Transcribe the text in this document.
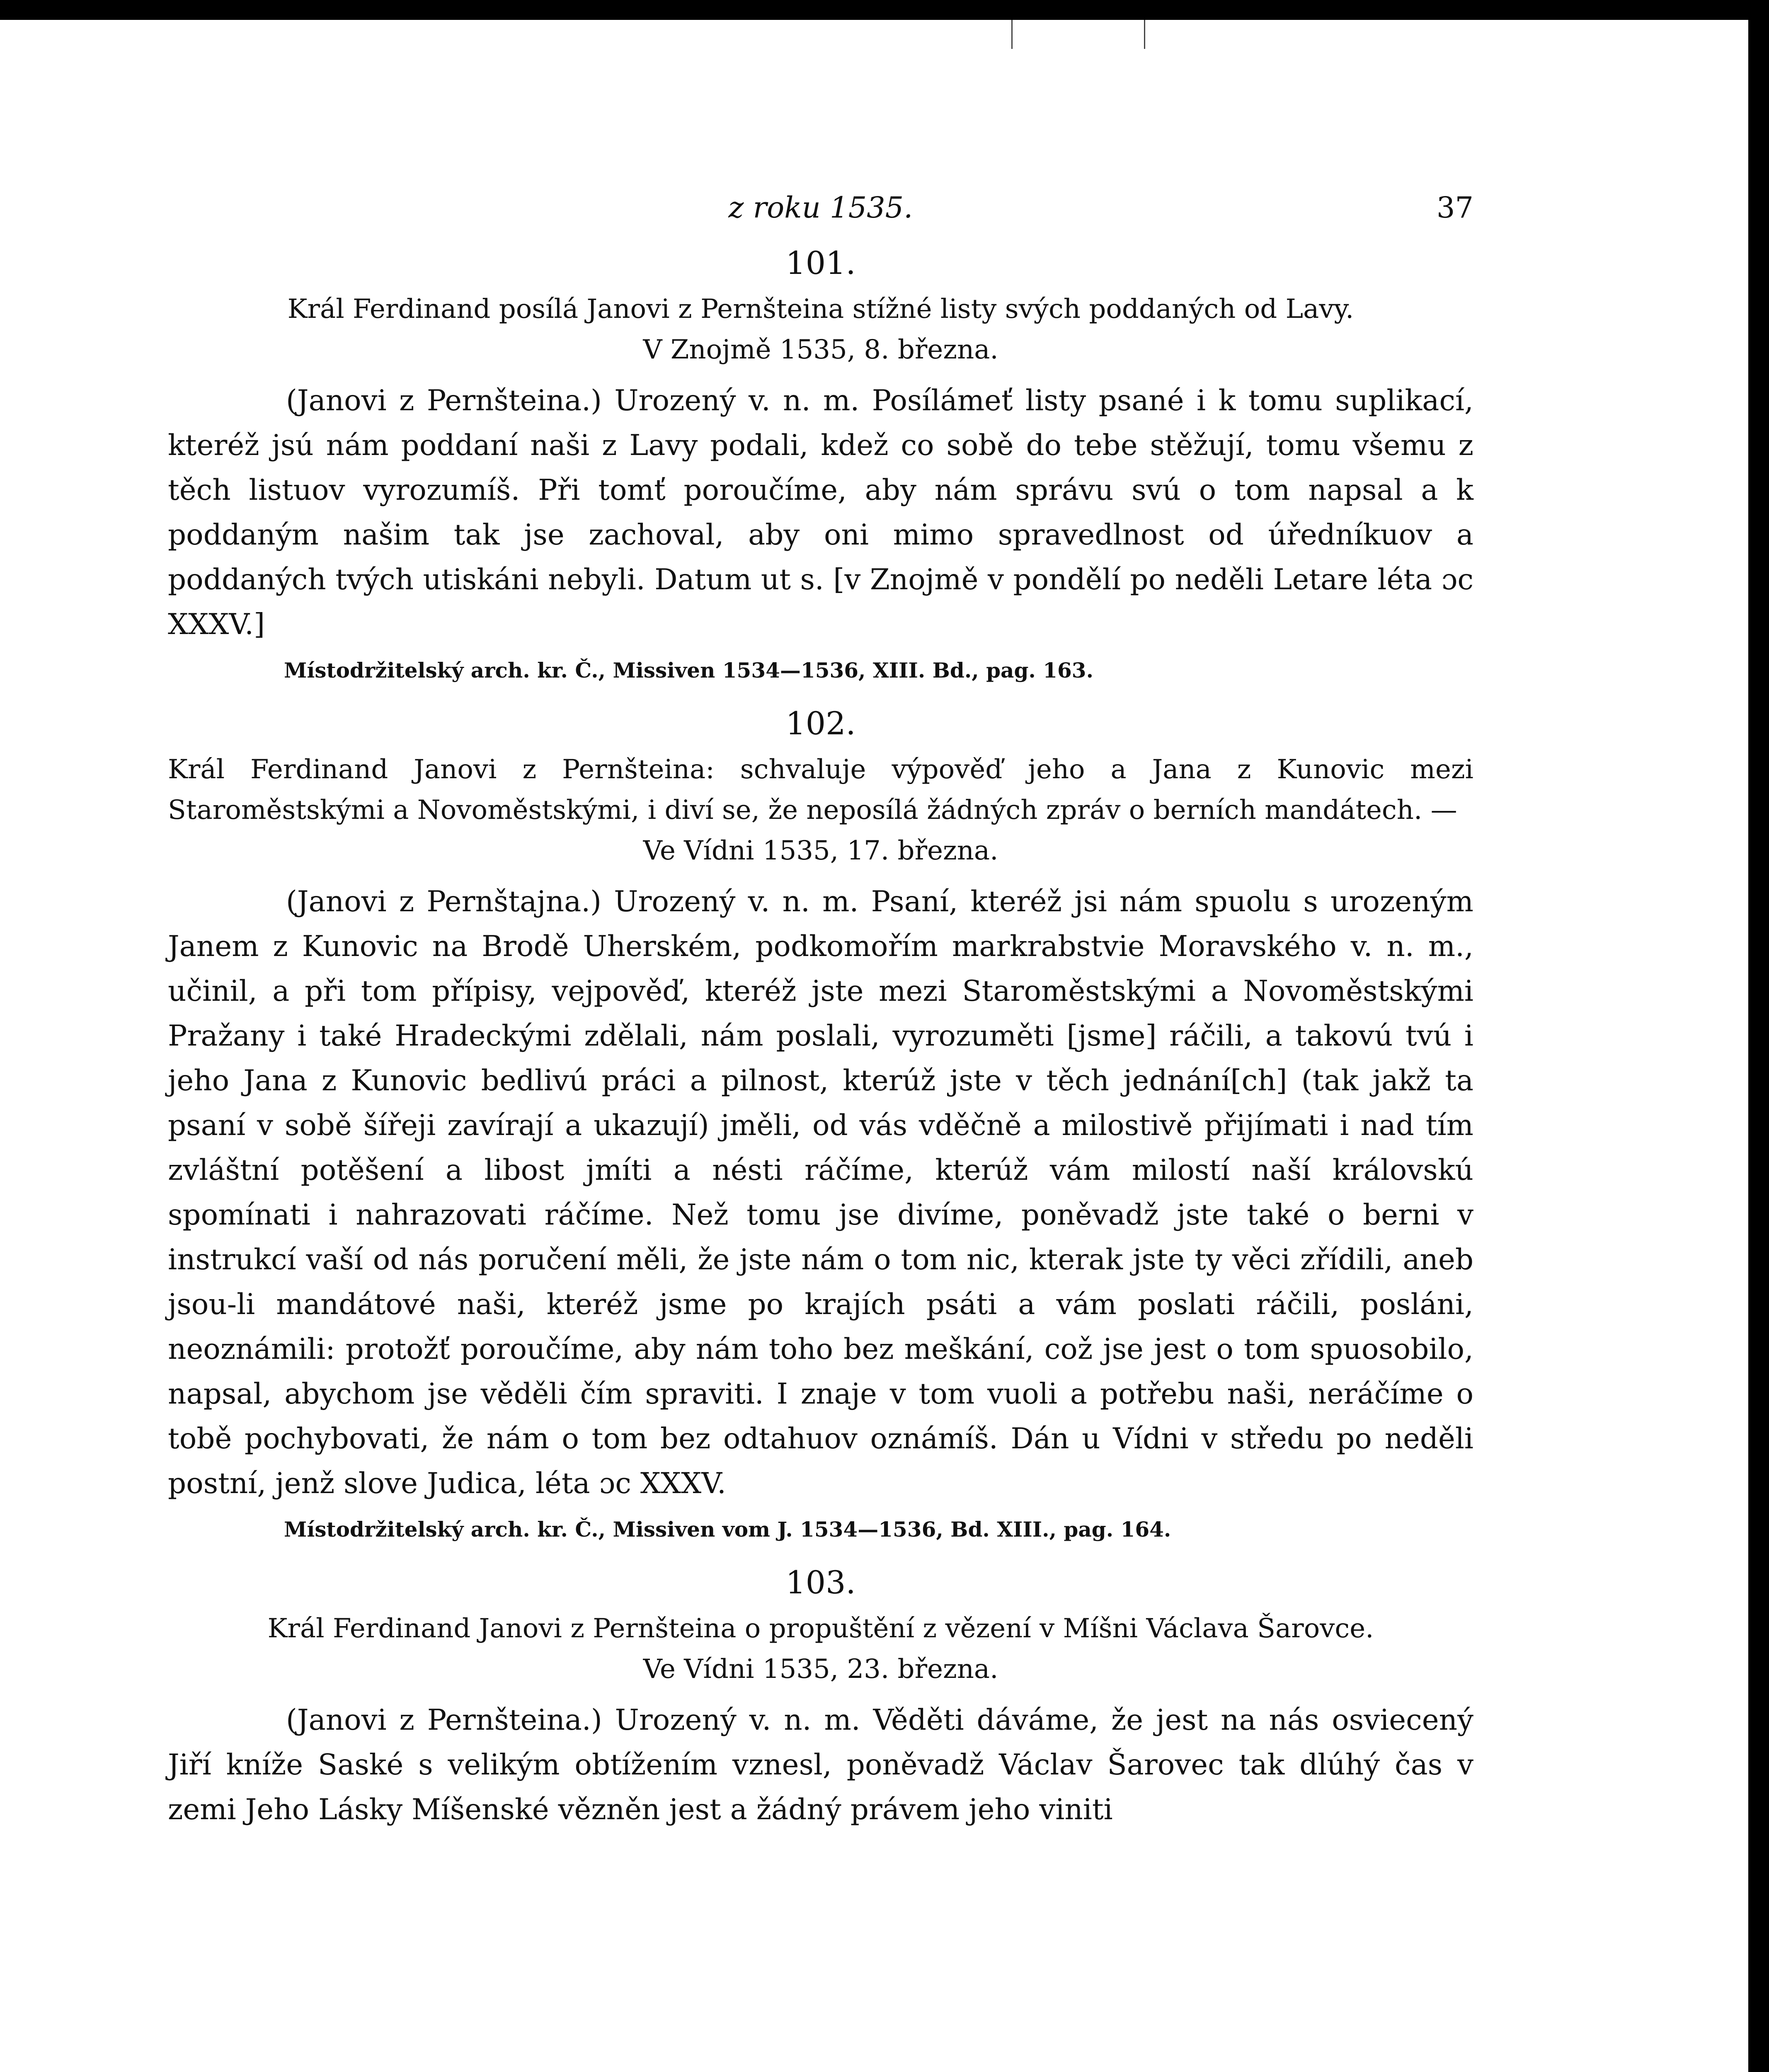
z roku 1535.	37
101.
Král Ferdinand posílá Janovi z Pernšteina stížné listy svých poddaných od Lavy.
V Znojmě 1535, 8. března.

(Janovi z Pernšteina.) Urozený v. n. m. Posílámeť listy psané i k tomu suplikací, kteréž jsú nám poddaní naši z Lavy podali, kdež co sobě do tebe stěžují, tomu všemu z těch listuov vyrozumíš. Při tomť poroučíme, aby nám správu svú o tom napsal a k poddaným našim tak jse zachoval, aby oni mimo spravedlnost od úředníkuov a poddaných tvých utiskáni nebyli. Datum ut s. [v Znojmě v pondělí po neděli Letare léta ɔc XXXV.]

Místodržitelský arch. kr. Č., Missiven 1534—1536, XIII. Bd., pag. 163.
102.
Král Ferdinand Janovi z Pernšteina: schvaluje výpověď jeho a Jana z Kunovic mezi Staroměstskými a Novoměstskými, i diví se, že neposílá žádných zpráv o berních mandátech. —
Ve Vídni 1535, 17. března.

(Janovi z Pernštajna.) Urozený v. n. m. Psaní, kteréž jsi nám spuolu s urozeným Janem z Kunovic na Brodě Uherském, podkomořím markrabstvie Moravského v. n. m., učinil, a při tom přípisy, vejpověď, kteréž jste mezi Staroměstskými a Novoměstskými Pražany i také Hradeckými zdělali, nám poslali, vyrozuměti [jsme] ráčili, a takovú tvú i jeho Jana z Kunovic bedlivú práci a pilnost, kterúž jste v těch jednání[ch] (tak jakž ta psaní v sobě šířeji zavírají a ukazují) jměli, od vás vděčně a milostivě přijímati i nad tím zvláštní potěšení a libost jmíti a nésti ráčíme, kterúž vám milostí naší královskú spomínati i nahrazovati ráčíme. Než tomu jse divíme, poněvadž jste také o berni v instrukcí vaší od nás poručení měli, že jste nám o tom nic, kterak jste ty věci zřídili, aneb jsou-li mandátové naši, kteréž jsme po krajích psáti a vám poslati ráčili, posláni, neoznámili: protožť poroučíme, aby nám toho bez meškání, což jse jest o tom spuosobilo, napsal, abychom jse věděli čím spraviti. I znaje v tom vuoli a potřebu naši, neráčíme o tobě pochybovati, že nám o tom bez odtahuov oznámíš. Dán u Vídni v středu po neděli postní, jenž slove Judica, léta ɔc XXXV.

Místodržitelský arch. kr. Č., Missiven vom J. 1534—1536, Bd. XIII., pag. 164.
103.
Král Ferdinand Janovi z Pernšteina o propuštění z vězení v Míšni Václava Šarovce.
Ve Vídni 1535, 23. března.

(Janovi z Pernšteina.) Urozený v. n. m. Věděti dáváme, že jest na nás osviecený Jiří kníže Saské s velikým obtížením vznesl, poněvadž Václav Šarovec tak dlúhý čas v zemi Jeho Lásky Míšenské vězněn jest a žádný právem jeho viniti
